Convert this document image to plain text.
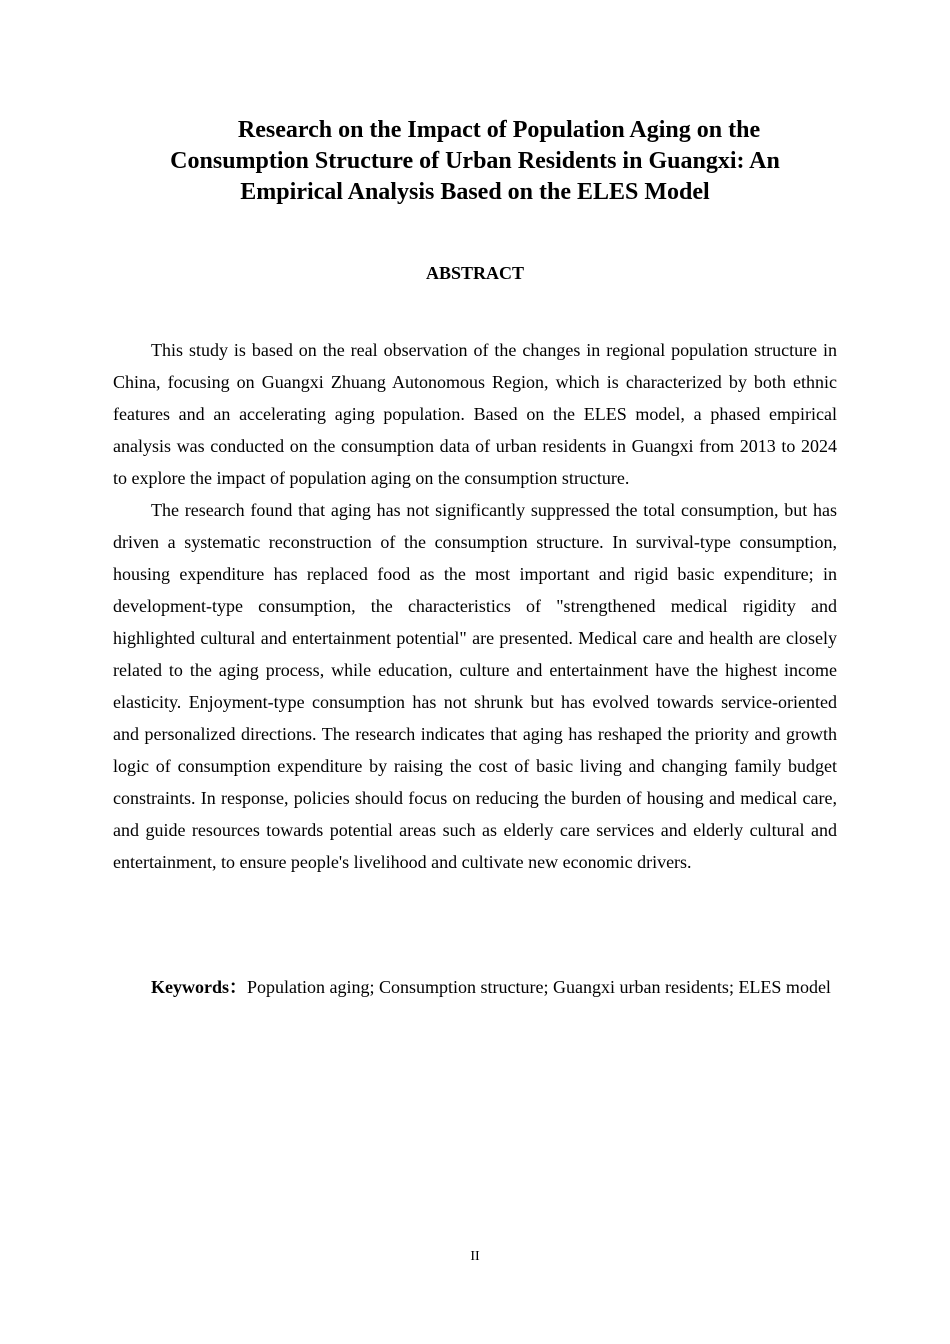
Research on the Impact of Population Aging on the
Consumption Structure of Urban Residents in Guangxi: An
Empirical Analysis Based on the ELES Model
ABSTRACT

This study is based on the real observation of the changes in regional population structure in China, focusing on Guangxi Zhuang Autonomous Region, which is characterized by both ethnic features and an accelerating aging population. Based on the ELES model, a phased empirical analysis was conducted on the consumption data of urban residents in Guangxi from 2013 to 2024 to explore the impact of population aging on the consumption structure.

The research found that aging has not significantly suppressed the total consumption, but has driven a systematic reconstruction of the consumption structure. In survival-type consumption, housing expenditure has replaced food as the most important and rigid basic expenditure; in development-type consumption, the characteristics of "strengthened medical rigidity and highlighted cultural and entertainment potential" are presented. Medical care and health are closely related to the aging process, while education, culture and entertainment have the highest income elasticity. Enjoyment-type consumption has not shrunk but has evolved towards service-oriented and personalized directions. The research indicates that aging has reshaped the priority and growth logic of consumption expenditure by raising the cost of basic living and changing family budget constraints. In response, policies should focus on reducing the burden of housing and medical care, and guide resources towards potential areas such as elderly care services and elderly cultural and entertainment, to ensure people's livelihood and cultivate new economic drivers.

Keywords：Population aging; Consumption structure; Guangxi urban residents; ELES model
II
